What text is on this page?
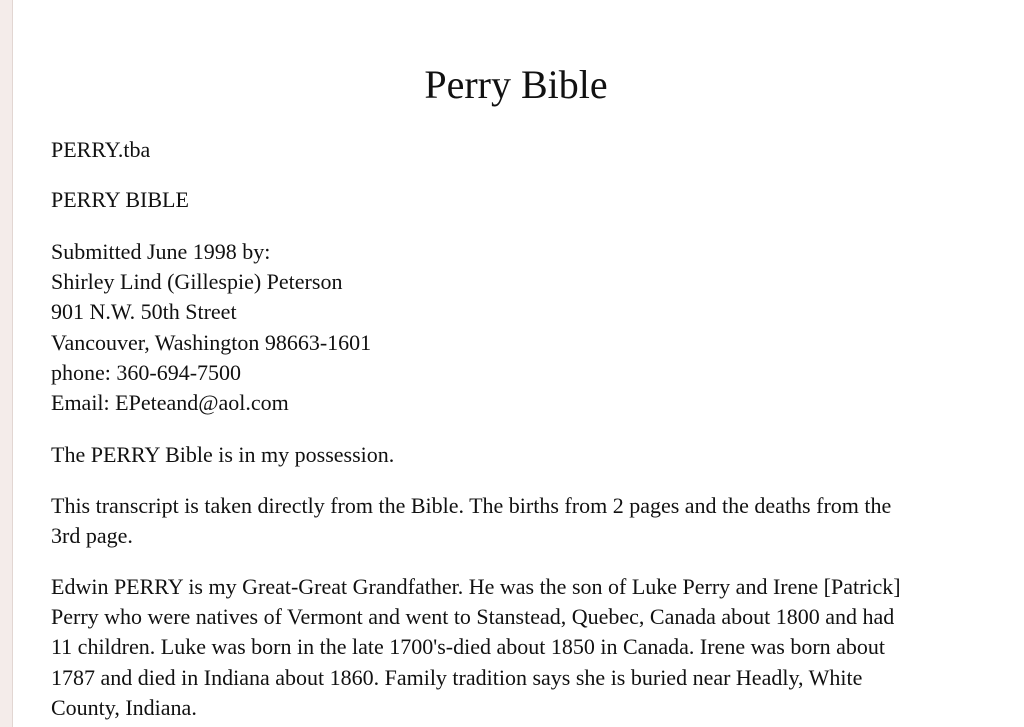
Perry Bible

PERRY.tba

PERRY BIBLE

Submitted June 1998 by:
Shirley Lind (Gillespie) Peterson
901 N.W. 50th Street
Vancouver, Washington 98663-1601
phone: 360-694-7500
Email: EPeteand@aol.com

The PERRY Bible is in my possession.

This transcript is taken directly from the Bible. The births from 2 pages and the deaths from the
3rd page.

Edwin PERRY is my Great-Great Grandfather. He was the son of Luke Perry and Irene [Patrick]
Perry who were natives of Vermont and went to Stanstead, Quebec, Canada about 1800 and had
11 children. Luke was born in the late 1700's-died about 1850 in Canada. Irene was born about
1787 and died in Indiana about 1860. Family tradition says she is buried near Headly, White
County, Indiana.
